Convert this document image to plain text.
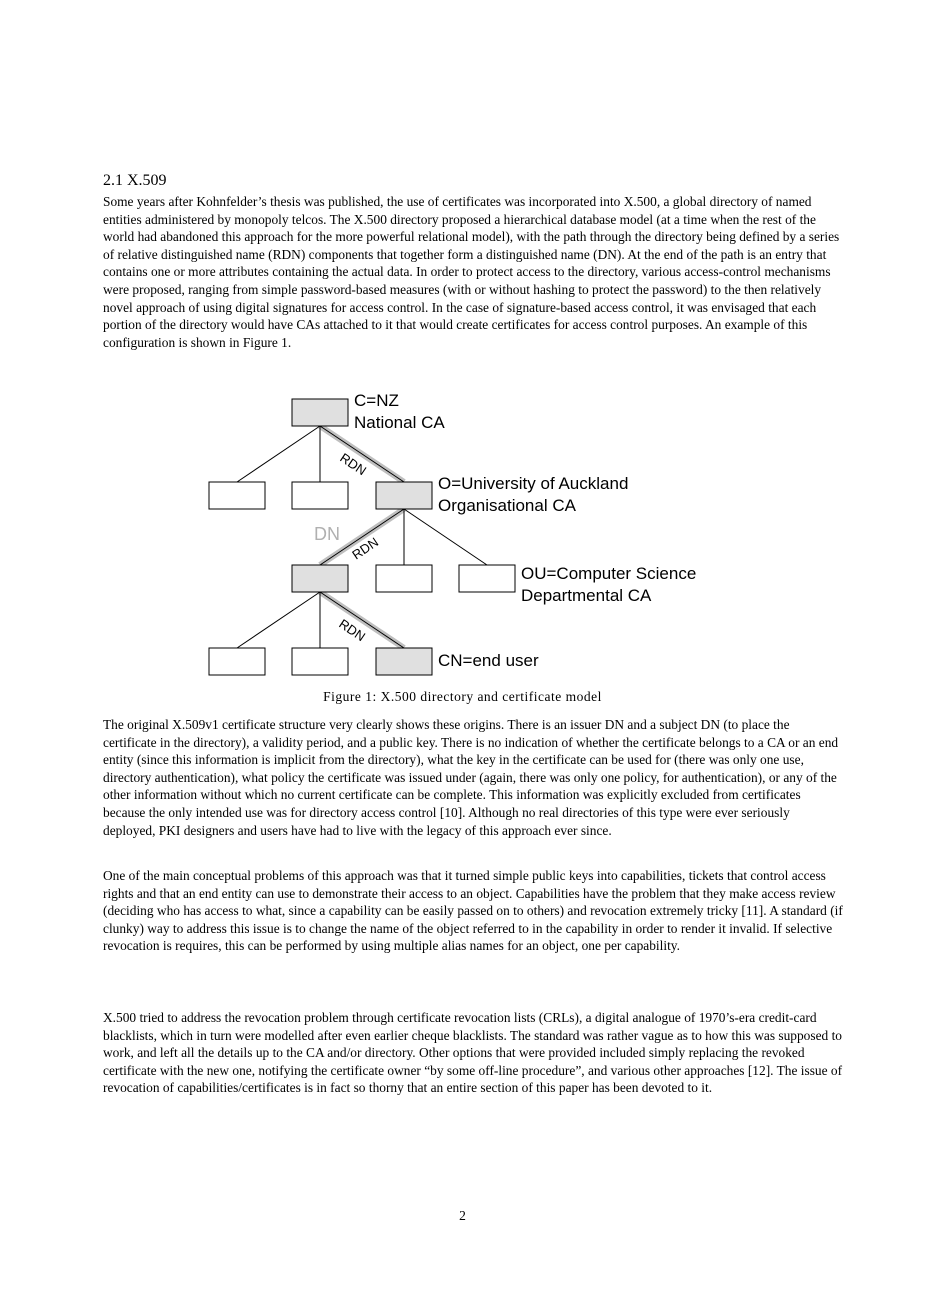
2.1 X.509

Some years after Kohnfelder’s thesis was published, the use of certificates was incorporated into X.500, a global directory of named entities administered by monopoly telcos. The X.500 directory proposed a hierarchical database model (at a time when the rest of the world had abandoned this approach for the more powerful relational model), with the path through the directory being defined by a series of relative distinguished name (RDN) components that together form a distinguished name (DN). At the end of the path is an entry that contains one or more attributes containing the actual data. In order to protect access to the directory, various access-control mechanisms were proposed, ranging from simple password-based measures (with or without hashing to protect the password) to the then relatively novel approach of using digital signatures for access control. In the case of signature-based access control, it was envisaged that each portion of the directory would have CAs attached to it that would create certificates for access control purposes. An example of this configuration is shown in Figure 1.

C=NZ
National CA
O=University of Auckland
Organisational CA
OU=Computer Science
Departmental CA
CN=end user
DN
RDN
RDN
RDN
Figure 1: X.500 directory and certificate model

The original X.509v1 certificate structure very clearly shows these origins. There is an issuer DN and a subject DN (to place the certificate in the directory), a validity period, and a public key. There is no indication of whether the certificate belongs to a CA or an end entity (since this information is implicit from the directory), what the key in the certificate can be used for (there was only one use, directory authentication), what policy the certificate was issued under (again, there was only one policy, for authentication), or any of the other information without which no current certificate can be complete. This information was explicitly excluded from certificates because the only intended use was for directory access control [10]. Although no real directories of this type were ever seriously deployed, PKI designers and users have had to live with the legacy of this approach ever since.

One of the main conceptual problems of this approach was that it turned simple public keys into capabilities, tickets that control access rights and that an end entity can use to demonstrate their access to an object. Capabilities have the problem that they make access review (deciding who has access to what, since a capability can be easily passed on to others) and revocation extremely tricky [11]. A standard (if clunky) way to address this issue is to change the name of the object referred to in the capability in order to render it invalid. If selective revocation is requires, this can be performed by using multiple alias names for an object, one per capability.

X.500 tried to address the revocation problem through certificate revocation lists (CRLs), a digital analogue of 1970’s-era credit-card blacklists, which in turn were modelled after even earlier cheque blacklists. The standard was rather vague as to how this was supposed to work, and left all the details up to the CA and/or directory. Other options that were provided included simply replacing the revoked certificate with the new one, notifying the certificate owner “by some off-line procedure”, and various other approaches [12]. The issue of revocation of capabilities/certificates is in fact so thorny that an entire section of this paper has been devoted to it.

2
